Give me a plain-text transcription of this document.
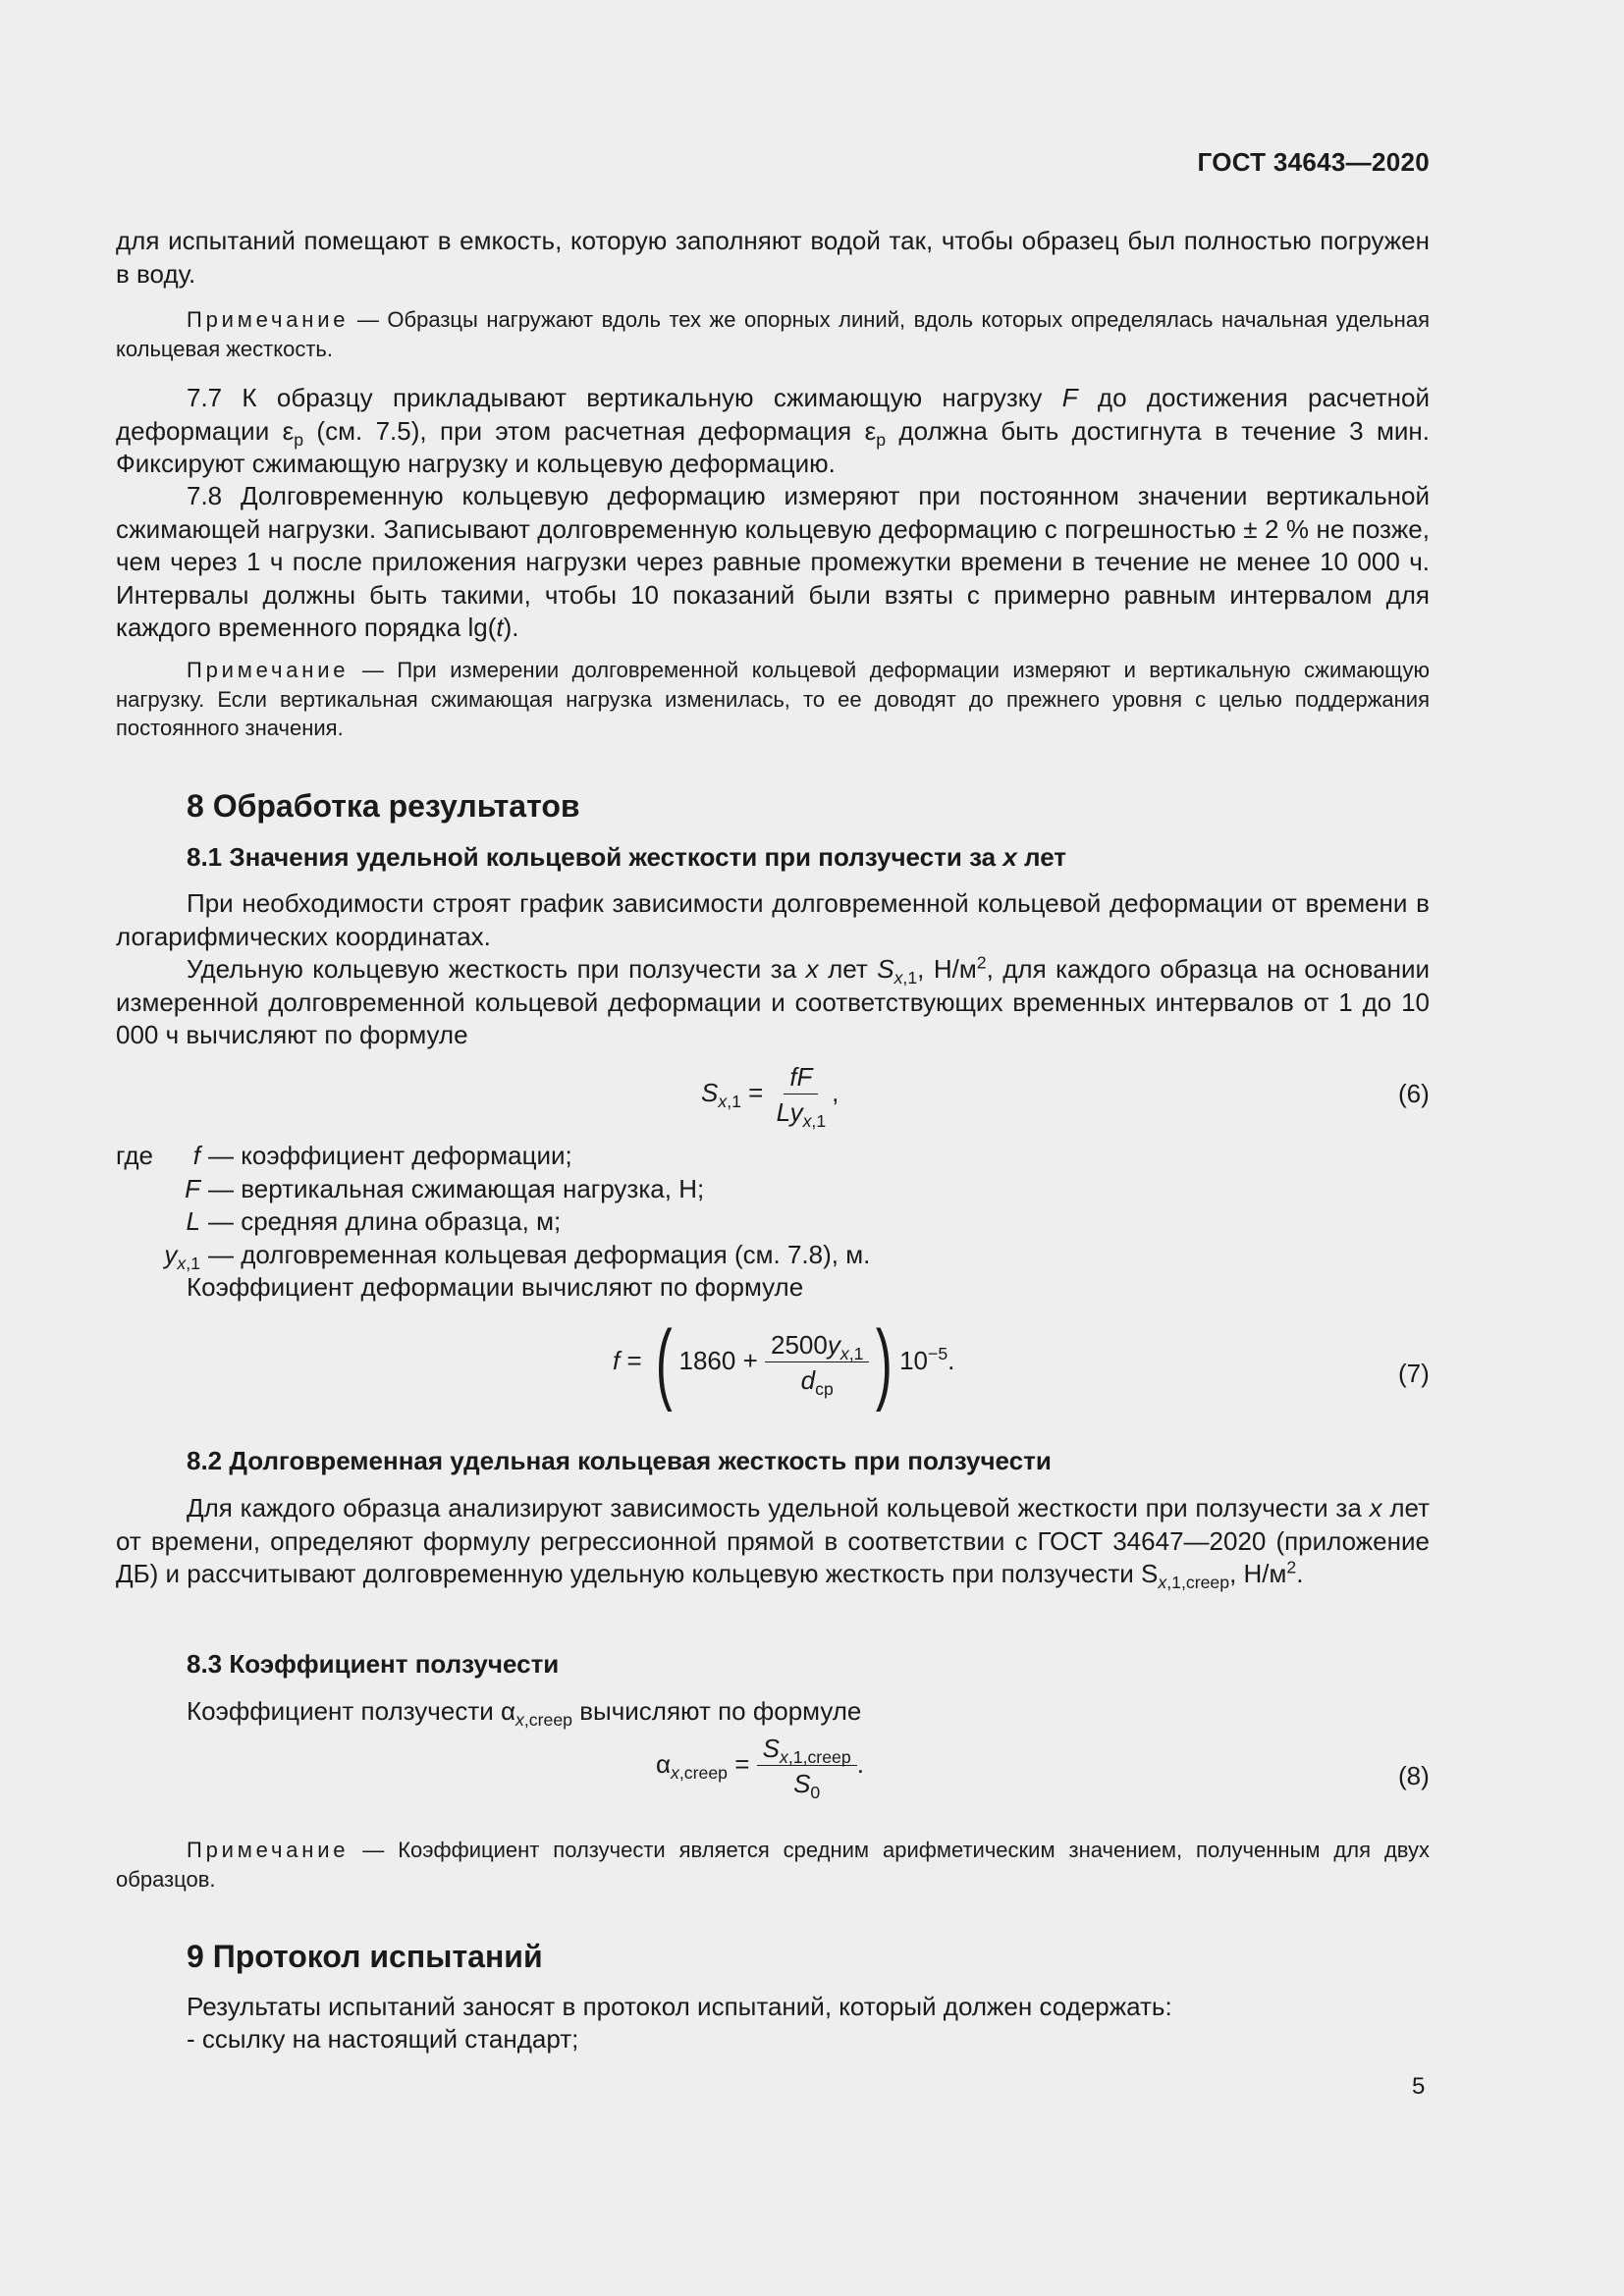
ГОСТ 34643—2020
для испытаний помещают в емкость, которую заполняют водой так, чтобы образец был полностью погружен в воду.
Примечание — Образцы нагружают вдоль тех же опорных линий, вдоль которых определялась начальная удельная кольцевая жесткость.
7.7 К образцу прикладывают вертикальную сжимающую нагрузку F до достижения расчетной деформации $\varepsilon_p$ (см. 7.5), при этом расчетная деформация $\varepsilon_p$ должна быть достигнута в течение 3 мин. Фиксируют сжимающую нагрузку и кольцевую деформацию.
7.8 Долговременную кольцевую деформацию измеряют при постоянном значении вертикальной сжимающей нагрузки. Записывают долговременную кольцевую деформацию с погрешностью ± 2 % не позже, чем через 1 ч после приложения нагрузки через равные промежутки времени в течение не менее 10 000 ч. Интервалы должны быть такими, чтобы 10 показаний были взяты с примерно равным интервалом для каждого временного порядка lg(t).
Примечание — При измерении долговременной кольцевой деформации измеряют и вертикальную сжимающую нагрузку. Если вертикальная сжимающая нагрузка изменилась, то ее доводят до прежнего уровня с целью поддержания постоянного значения.
8 Обработка результатов
8.1 Значения удельной кольцевой жесткости при ползучести за x лет
При необходимости строят график зависимости долговременной кольцевой деформации от времени в логарифмических координатах.
Удельную кольцевую жесткость при ползучести за x лет $S_{x,1}$, $Н/м^2$, для каждого образца на основании измеренной долговременной кольцевой деформации и соответствующих временных интервалов от 1 до 10 000 ч вычисляют по формуле
$S_{x,1} = \frac{fF}{Ly_{x,1}}$ ,	(6)
где	f — коэффициент деформации;
F — вертикальная сжимающая нагрузка, Н;
L — средняя длина образца, м;
$y_{x,1}$ — долговременная кольцевая деформация (см. 7.8), м.
Коэффициент деформации вычисляют по формуле
f = ( $1860 + \frac{2500y_{x,1}}{d_{ср}}$ ) $10^{-5}$.	(7)
8.2 Долговременная удельная кольцевая жесткость при ползучести
Для каждого образца анализируют зависимость удельной кольцевой жесткости при ползучести за x лет от времени, определяют формулу регрессионной прямой в соответствии с ГОСТ 34647—2020 (приложение ДБ) и рассчитывают долговременную удельную кольцевую жесткость при ползучести $S_{x,1,creep}$, $Н/м^2$.
8.3 Коэффициент ползучести
Коэффициент ползучести $\alpha_{x,creep}$ вычисляют по формуле
$\alpha_{x,creep} = \frac{S_{x,1,creep}}{S_0}$ .	(8)
Примечание — Коэффициент ползучести является средним арифметическим значением, полученным для двух образцов.
9 Протокол испытаний
Результаты испытаний заносят в протокол испытаний, который должен содержать:
- ссылку на настоящий стандарт;
5
